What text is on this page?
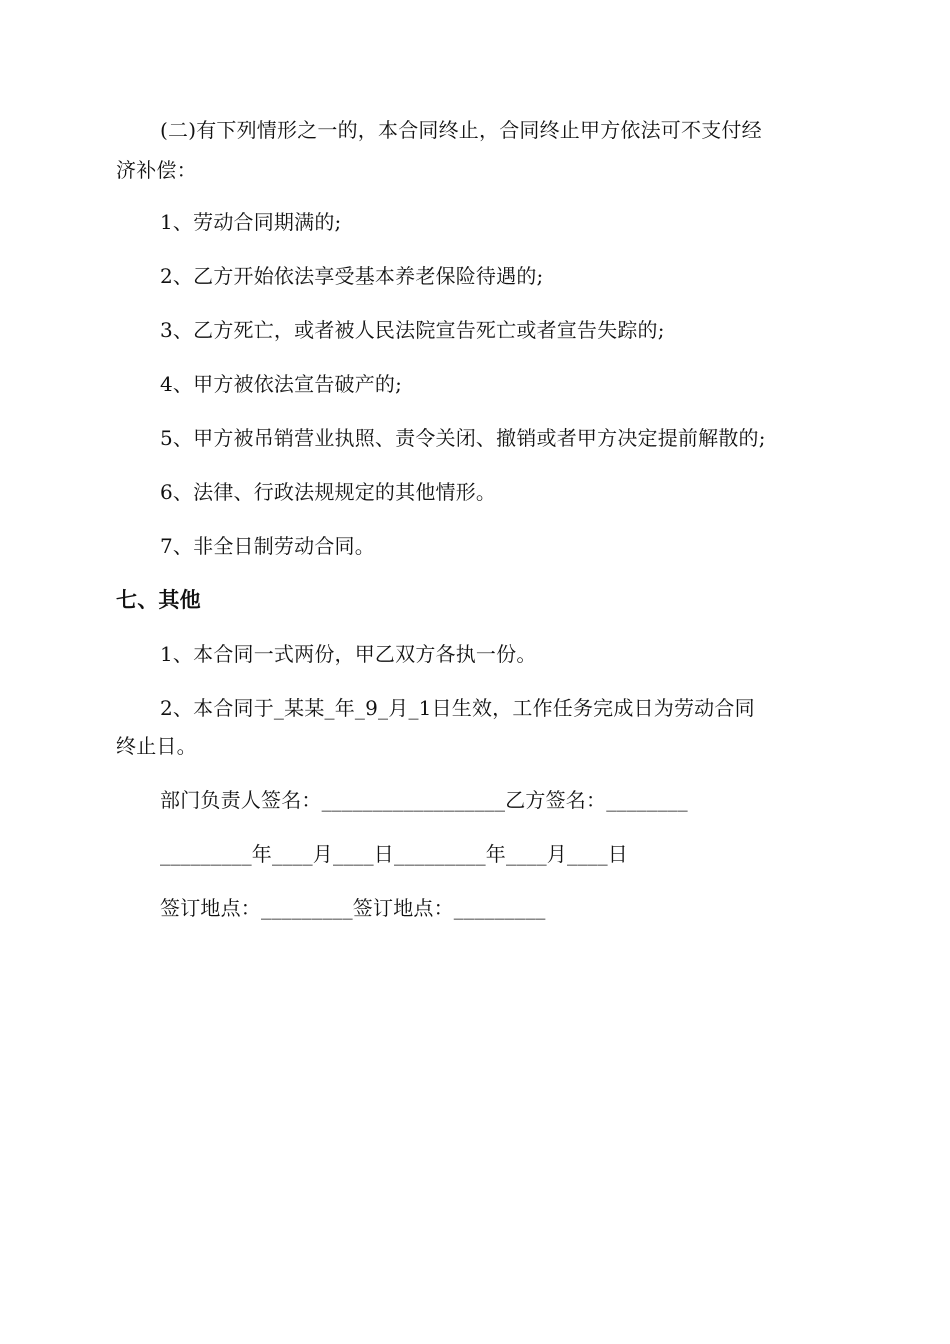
(二)有下列情形之一的，本合同终止，合同终止甲方依法可不支付经
济补偿：
1、劳动合同期满的;
2、乙方开始依法享受基本养老保险待遇的;
3、乙方死亡，或者被人民法院宣告死亡或者宣告失踪的;
4、甲方被依法宣告破产的;
5、甲方被吊销营业执照、责令关闭、撤销或者甲方决定提前解散的;
6、法律、行政法规规定的其他情形。
7、非全日制劳动合同。
七、其他
1、本合同一式两份，甲乙双方各执一份。
2、本合同于_某某_年_9_月_1日生效，工作任务完成日为劳动合同
终止日。
部门负责人签名：__________________乙方签名：________
_________年____月____日_________年____月____日
签订地点：_________签订地点：_________
